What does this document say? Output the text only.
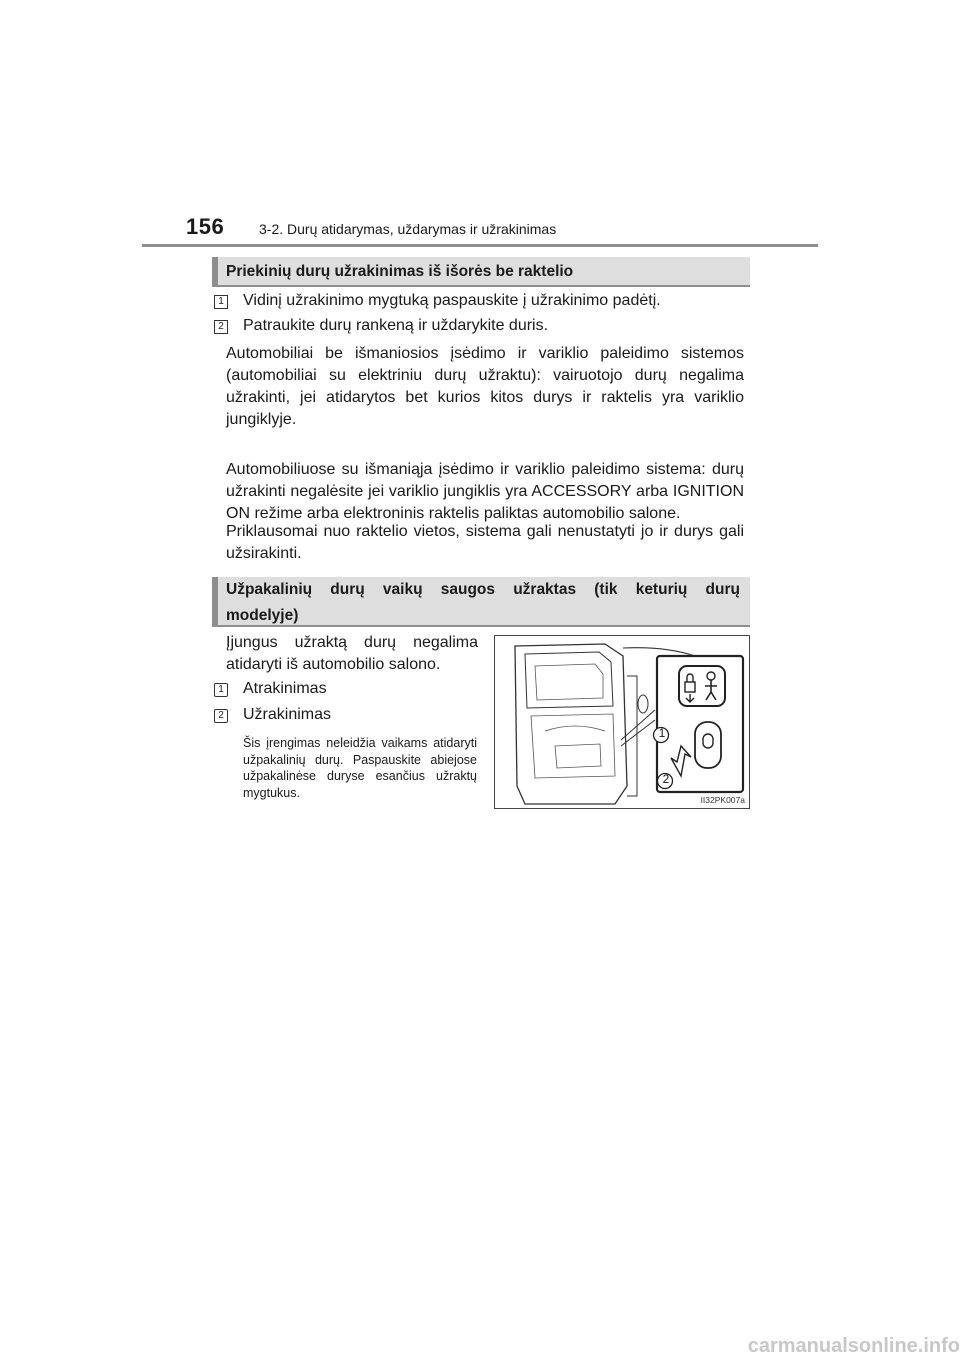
156 3-2. Durų atidarymas, uždarymas ir užrakinimas
Priekinių durų užrakinimas iš išorės be raktelio
1 Vidinį užrakinimo mygtuką paspauskite į užrakinimo padėtį.
2 Patraukite durų rankeną ir uždarykite duris.
Automobiliai be išmaniosios įsėdimo ir variklio paleidimo sistemos (automobiliai su elektriniu durų užraktu): vairuotojo durų negalima užrakinti, jei atidarytos bet kurios kitos durys ir raktelis yra variklio jungiklyje.
Automobiliuose su išmaniąja įsėdimo ir variklio paleidimo sistema: durų užrakinti negalėsite jei variklio jungiklis yra ACCESSORY arba IGNITION ON režime arba elektroninis raktelis paliktas automobilio salone.
Priklausomai nuo raktelio vietos, sistema gali nenustatyti jo ir durys gali užsirakinti.
Užpakalinių durų vaikų saugos užraktas (tik keturių durų
modelyje)
Įjungus užraktą durų negalima atidaryti iš automobilio salono.
1 Atrakinimas
2 Užrakinimas
Šis įrengimas neleidžia vaikams atidaryti užpakalinių durų. Paspauskite abiejose užpakalinėse duryse esančius užraktų mygtukus.
1
2
II32PK007a
carmanualsonline.info
